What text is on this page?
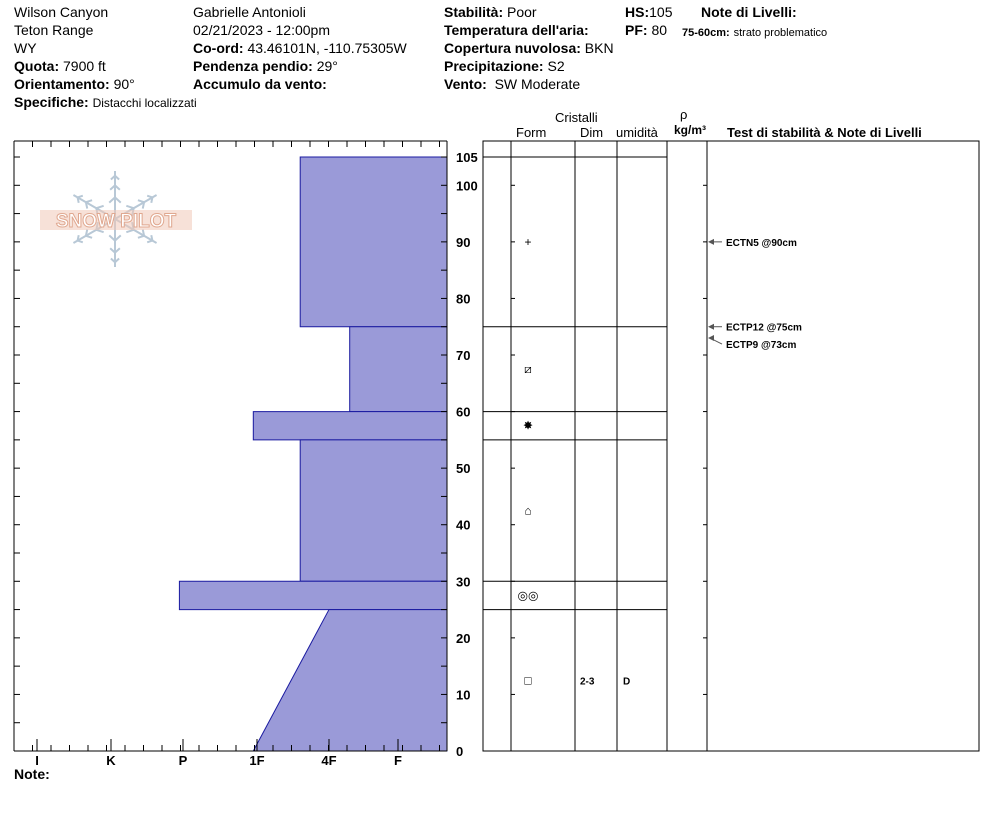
Wilson Canyon
Teton Range
WY
Quota: 7900 ft
Orientamento: 90°
Specifiche: Distacchi localizzati
Gabrielle Antonioli
02/21/2023 - 12:00pm
Co-ord: 43.46101N, -110.75305W
Pendenza pendio: 29°
Accumulo da vento:
Stabilità: Poor
Temperatura dell'aria:
Copertura nuvolosa: BKN
Precipitazione: S2
Vento: SW Moderate
HS:105
PF: 80
Note di Livelli:
75-60cm: strato problematico
Cristalli
Form	Dim umidità
ρ
kg/m³ Test di stabilità & Note di Livelli
Note:
SNOW PILOT
I	K	P	1F	4F	F
0
10
20
30
40
50
60
70
80
90
100
105
+
⧄
✸
⌂
◎◎
□	2-3	D
ECTN5 @90cm
ECTP12 @75cm
ECTP9 @73cm
